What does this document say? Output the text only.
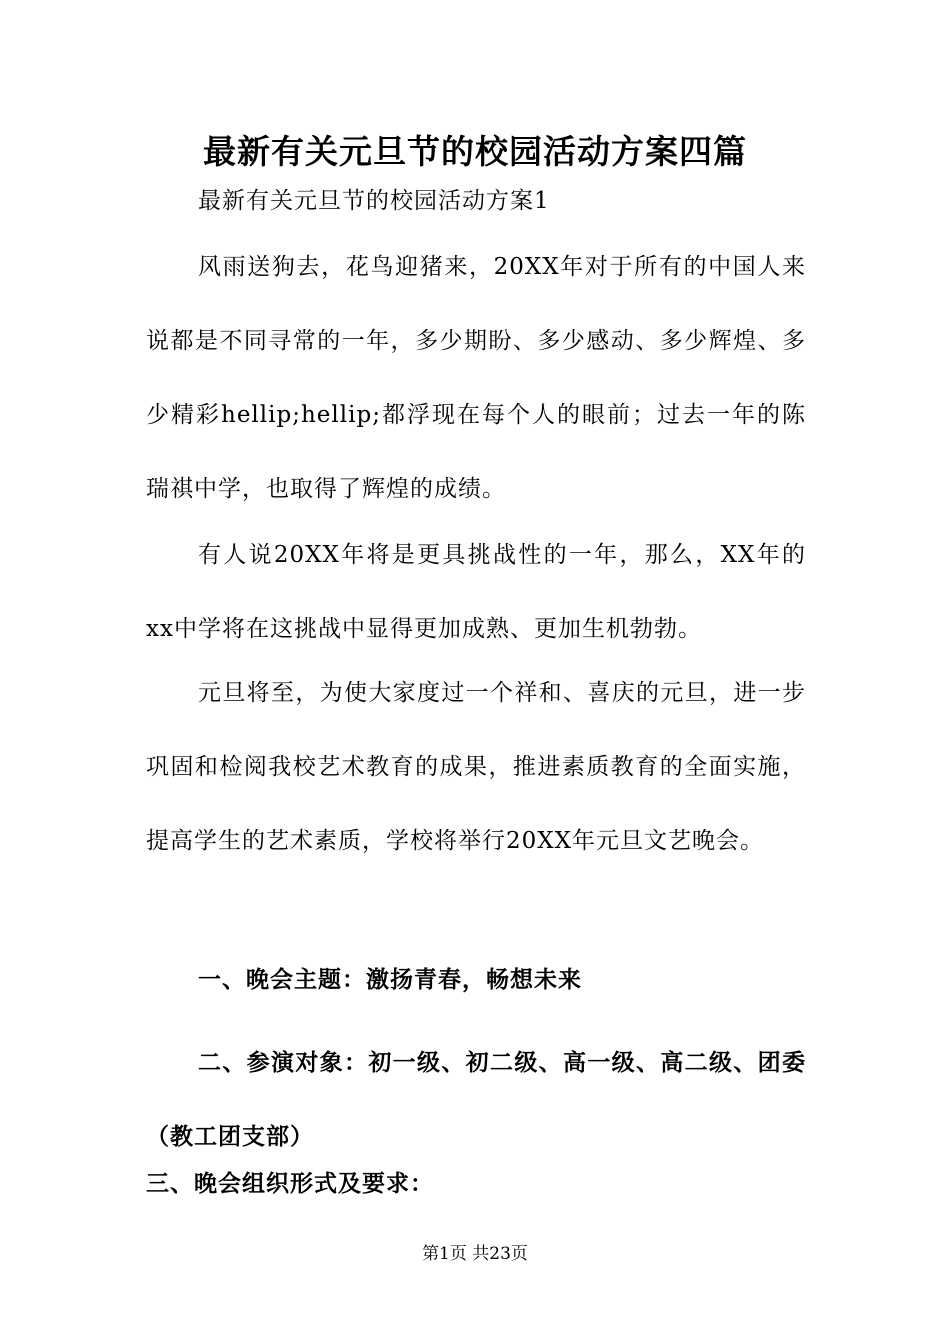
最新有关元旦节的校园活动方案四篇
最新有关元旦节的校园活动方案1

风雨送狗去，花鸟迎猪来，20XX年对于所有的中国人来说都是不同寻常的一年，多少期盼、多少感动、多少辉煌、多少精彩hellip;hellip;都浮现在每个人的眼前；过去一年的陈瑞祺中学，也取得了辉煌的成绩。

有人说20XX年将是更具挑战性的一年，那么，XX年的xx中学将在这挑战中显得更加成熟、更加生机勃勃。

元旦将至，为使大家度过一个祥和、喜庆的元旦，进一步巩固和检阅我校艺术教育的成果，推进素质教育的全面实施，提高学生的艺术素质，学校将举行20XX年元旦文艺晚会。

一、晚会主题：激扬青春，畅想未来

二、参演对象：初一级、初二级、高一级、高二级、团委（教工团支部）

三、晚会组织形式及要求：

第1页 共23页
